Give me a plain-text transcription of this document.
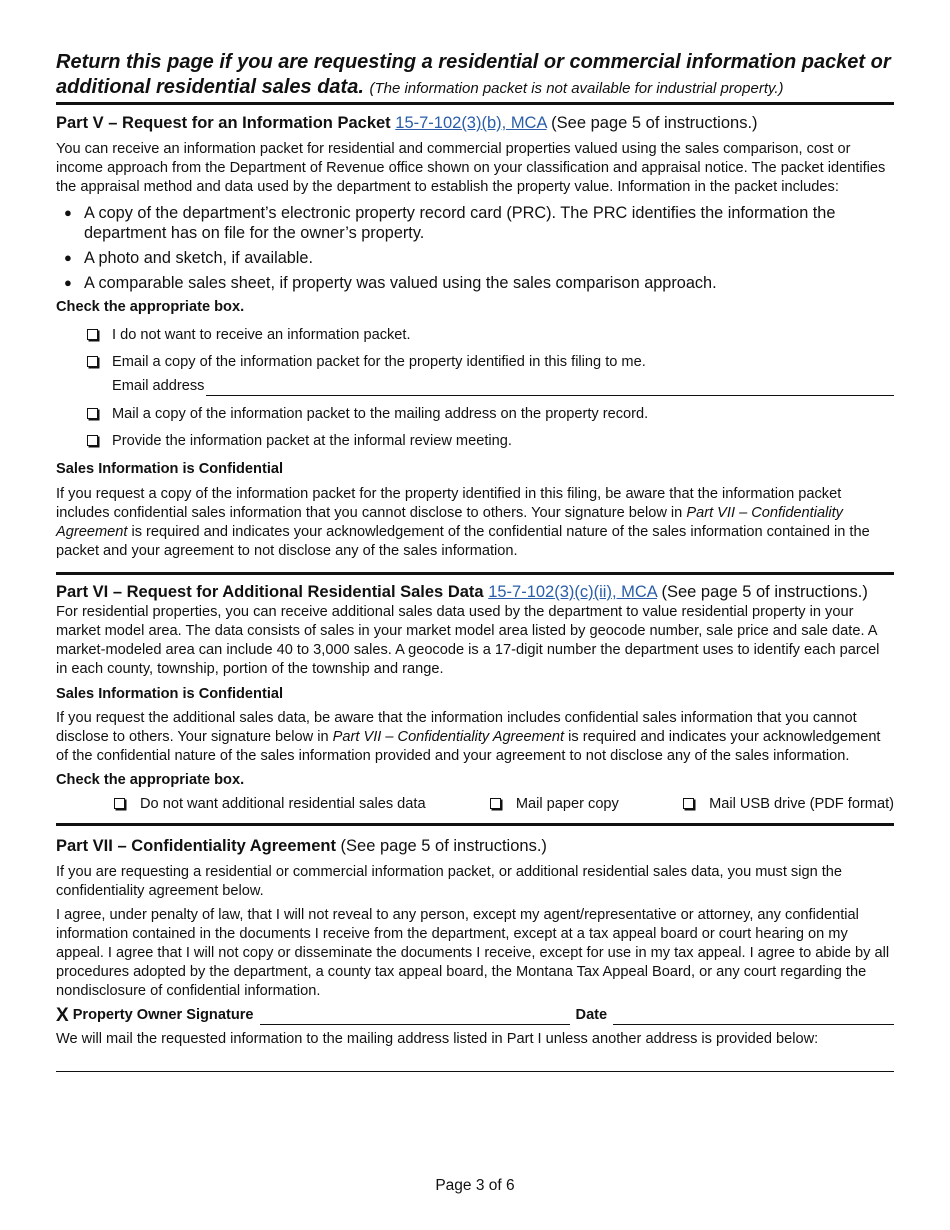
Return this page if you are requesting a residential or commercial information packet or additional residential sales data. (The information packet is not available for industrial property.)
Part V – Request for an Information Packet 15-7-102(3)(b), MCA (See page 5 of instructions.)

You can receive an information packet for residential and commercial properties valued using the sales comparison, cost or income approach from the Department of Revenue office shown on your classification and appraisal notice. The packet identifies the appraisal method and data used by the department to establish the property value. Information in the packet includes:

● A copy of the department’s electronic property record card (PRC). The PRC identifies the information the department has on file for the owner’s property.
● A photo and sketch, if available.
● A comparable sales sheet, if property was valued using the sales comparison approach.
Check the appropriate box.
I do not want to receive an information packet.
Email a copy of the information packet for the property identified in this filing to me.
Email address
Mail a copy of the information packet to the mailing address on the property record.
Provide the information packet at the informal review meeting.
Sales Information is Confidential

If you request a copy of the information packet for the property identified in this filing, be aware that the information packet includes confidential sales information that you cannot disclose to others. Your signature below in Part VII – Confidentiality Agreement is required and indicates your acknowledgement of the confidential nature of the sales information contained in the packet and your agreement to not disclose any of the sales information.

Part VI – Request for Additional Residential Sales Data 15-7-102(3)(c)(ii), MCA (See page 5 of instructions.)

For residential properties, you can receive additional sales data used by the department to value residential property in your market model area. The data consists of sales in your market model area listed by geocode number, sale price and sale date. A market-modeled area can include 40 to 3,000 sales. A geocode is a 17-digit number the department uses to identify each parcel in each county, township, portion of the township and range.

Sales Information is Confidential

If you request the additional sales data, be aware that the information includes confidential sales information that you cannot disclose to others. Your signature below in Part VII – Confidentiality Agreement is required and indicates your acknowledgement of the confidential nature of the sales information provided and your agreement to not disclose any of the sales information.

Check the appropriate box.
Do not want additional residential sales data	Mail paper copy	Mail USB drive (PDF format)
Part VII – Confidentiality Agreement (See page 5 of instructions.)

If you are requesting a residential or commercial information packet, or additional residential sales data, you must sign the confidentiality agreement below.

I agree, under penalty of law, that I will not reveal to any person, except my agent/representative or attorney, any confidential information contained in the documents I receive from the department, except at a tax appeal board or court hearing on my appeal. I agree that I will not copy or disseminate the documents I receive, except for use in my tax appeal. I agree to abide by all procedures adopted by the department, a county tax appeal board, the Montana Tax Appeal Board, or any court regarding the nondisclosure of confidential information.

X Property Owner Signature	Date

We will mail the requested information to the mailing address listed in Part I unless another address is provided below:

Page 3 of 6
